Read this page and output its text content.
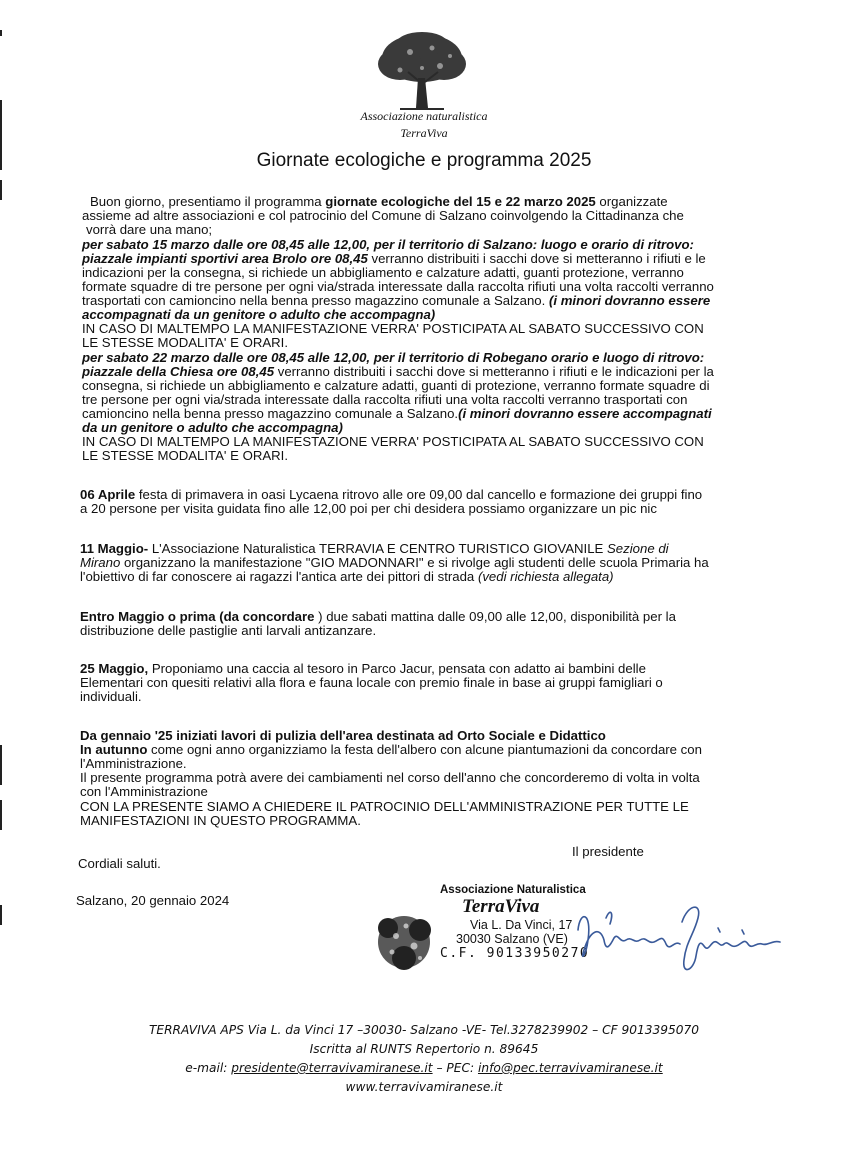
Associazione naturalistica
TerraViva
Giornate ecologiche e programma 2025

Buon giorno, presentiamo il programma giornate ecologiche del 15 e 22 marzo 2025 organizzate

assieme ad altre associazioni e col patrocinio del Comune di Salzano coinvolgendo la Cittadinanza che

vorrà dare una mano;

per sabato 15 marzo dalle ore 08,45 alle 12,00, per il territorio di Salzano: luogo e orario di ritrovo:

piazzale impianti sportivi area Brolo ore 08,45 verranno distribuiti i sacchi dove si metteranno i rifiuti e le

indicazioni per la consegna, si richiede un abbigliamento e calzature adatti, guanti protezione, verranno

formate squadre di tre persone per ogni via/strada interessate dalla raccolta rifiuti una volta raccolti verranno

trasportati con camioncino nella benna presso magazzino comunale a Salzano. (i minori dovranno essere

accompagnati da un genitore o adulto che accompagna)

IN CASO DI MALTEMPO LA MANIFESTAZIONE VERRA' POSTICIPATA AL SABATO SUCCESSIVO CON

LE STESSE MODALITA' E ORARI.

per sabato 22 marzo dalle ore 08,45 alle 12,00, per il territorio di Robegano orario e luogo di ritrovo:

piazzale della Chiesa ore 08,45 verranno distribuiti i sacchi dove si metteranno i rifiuti e le indicazioni per la

consegna, si richiede un abbigliamento e calzature adatti, guanti di protezione, verranno formate squadre di

tre persone per ogni via/strada interessate dalla raccolta rifiuti una volta raccolti verranno trasportati con

camioncino nella benna presso magazzino comunale a Salzano.(i minori dovranno essere accompagnati

da un genitore o adulto che accompagna)

IN CASO DI MALTEMPO LA MANIFESTAZIONE VERRA' POSTICIPATA AL SABATO SUCCESSIVO CON

LE STESSE MODALITA' E ORARI.

06 Aprile festa di primavera in oasi Lycaena ritrovo alle ore 09,00 dal cancello e formazione dei gruppi fino

a 20 persone per visita guidata fino alle 12,00 poi per chi desidera possiamo organizzare un pic nic

11 Maggio- L'Associazione Naturalistica TERRAVIA E CENTRO TURISTICO GIOVANILE Sezione di

Mirano organizzano la manifestazione "GIO MADONNARI" e si rivolge agli studenti delle scuola Primaria ha

l'obiettivo di far conoscere ai ragazzi l'antica arte dei pittori di strada (vedi richiesta allegata)

Entro Maggio o prima (da concordare ) due sabati mattina dalle 09,00 alle 12,00, disponibilità per la

distribuzione delle pastiglie anti larvali antizanzare.

25 Maggio, Proponiamo una caccia al tesoro in Parco Jacur, pensata con adatto ai bambini delle

Elementari con quesiti relativi alla flora e fauna locale con premio finale in base ai gruppi famigliari o

individuali.

Da gennaio '25 iniziati lavori di pulizia dell'area destinata ad Orto Sociale e Didattico

In autunno come ogni anno organizziamo la festa dell'albero con alcune piantumazioni da concordare con

l'Amministrazione.

Il presente programma potrà avere dei cambiamenti nel corso dell'anno che concorderemo di volta in volta

con l'Amministrazione

CON LA PRESENTE SIAMO A CHIEDERE IL PATROCINIO DELL'AMMINISTRAZIONE PER TUTTE LE

MANIFESTAZIONI IN QUESTO PROGRAMMA.

Cordiali saluti.

Salzano, 20 gennaio 2024

Il presidente

Associazione Naturalistica
TerraViva
Via L. Da Vinci, 17
30030 Salzano (VE)
C.F. 90133950270
TERRAVIVA APS Via L. da Vinci 17 –30030- Salzano -VE- Tel.3278239902 – CF 9013395070
Iscritta al RUNTS Repertorio n. 89645
e-mail: presidente@terravivamiranese.it – PEC: info@pec.terravivamiranese.it
www.terravivamiranese.it
